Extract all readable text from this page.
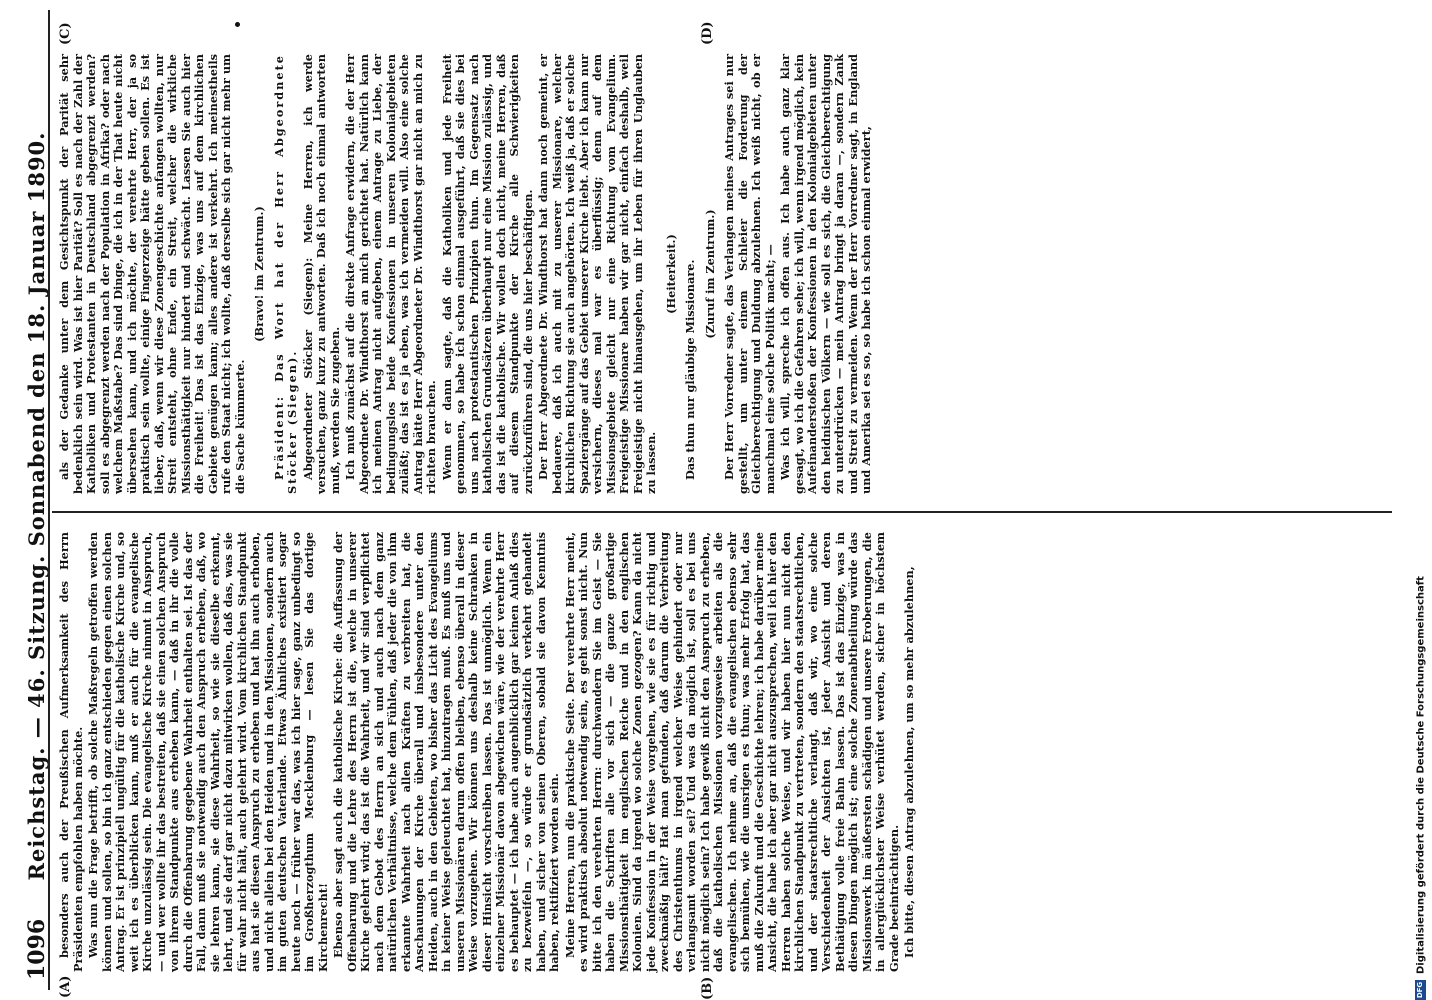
1096
Reichstag. — 46. Sitzung. Sonnabend den 18. Januar 1890.
(A)	(B)
(C)	(D)

besonders auch der Preußischen Aufmerksamkeit des Herrn Präsidenten empfohlen haben möchte. Was nun die Frage betrifft, ob solche Maßregeln getroffen werden können und sollen, so bin ich ganz entschieden gegen einen solchen Antrag. Er ist prinzipiell ungültig für die katholische Kirche und, so weit ich es überblicken kann, muß er auch für die evangelische Kirche unzulässig sein. Die evangelische Kirche nimmt in Anspruch, — und wer wollte ihr das bestreiten, daß sie einen solchen Anspruch von ihrem Standpunkte aus erheben kann, — daß in ihr die volle durch die Offenbarung gegebene Wahrheit enthalten sei. Ist das der Fall, dann muß sie notwendig auch den Anspruch erheben, daß, wo sie lehren kann, sie diese Wahrheit, so wie sie dieselbe erkennt, lehrt, und sie darf gar nicht dazu mitwirken wollen, daß das, was sie für wahr nicht hält, auch gelehrt wird. Vom kirchlichen Standpunkt aus hat sie diesen Anspruch zu erheben und hat ihn auch erhoben, und nicht allein bei den Heiden und in den Missionen, sondern auch im guten deutschen Vaterlande. Etwas Ähnliches existiert sogar heute noch — früher war das, was ich hier sage, ganz unbedingt so im Großherzogthum Mecklenburg — lesen Sie das dortige Kirchenrecht! Ebenso aber sagt auch die katholische Kirche: die Auffassung der Offenbarung und die Lehre des Herrn ist die, welche in unserer Kirche gelehrt wird; das ist die Wahrheit, und wir sind verpflichtet nach dem Gebot des Herrn an sich und auch nach dem ganz natürlichen Verhältnisse, welche dem Fühlen, daß jeder die von ihm erkannte Wahrheit nach allen Kräften zu verbreiten hat, die Anschauungen der Kirche überall und insbesondere unter den Heiden, auch in den Gebieten, wo bisher das Licht des Evangeliums in keiner Weise geleuchtet hat, hinzutragen muß. Es muß uns und unseren Missionären darum offen bleiben, ebenso überall in dieser Weise vorzugehen. Wir können uns deshalb keine Schranken in dieser Hinsicht vorschreiben lassen. Das ist unmöglich. Wenn ein einzelner Missionär davon abgewichen wäre, wie der verehrte Herr es behauptet — ich habe auch augenblicklich gar keinen Anlaß dies zu bezweifeln —, so würde er grundsätzlich verkehrt gehandelt haben, und sicher von seinen Oberen, sobald sie davon Kenntnis haben, rektifiziert worden sein. Meine Herren, nun die praktische Seite. Der verehrte Herr meint, es wird praktisch absolut notwendig sein, es geht sonst nicht. Nun bitte ich den verehrten Herrn: durchwandern Sie im Geist — Sie haben die Schriften alle vor sich — die ganze großartige Missionsthätigkeit im englischen Reiche und in den englischen Kolonien. Sind da irgend wo solche Zonen gezogen? Kann da nicht jede Konfession in der Weise vorgehen, wie sie es für richtig und zweckmäßig hält? Hat man gefunden, daß darum die Verbreitung des Christenthums in irgend welcher Weise gehindert oder nur verlangsamt worden sei? Und was da möglich ist, soll es bei uns nicht möglich sein? Ich habe gewiß nicht den Anspruch zu erheben, daß die katholischen Missionen vorzugsweise arbeiten als die evangelischen. Ich nehme an, daß die evangelischen ebenso sehr sich bemühen, wie die unsrigen es thun; was mehr Erfolg hat, das muß die Zukunft und die Geschichte lehren; ich habe darüber meine Ansicht, die habe ich aber gar nicht auszusprechen, weil ich hier den Herren haben solche Weise, und wir haben hier nun nicht den kirchlichen Standpunkt zu vertreten, sondern den staatsrechtlichen, und der staatsrechtliche verlangt, daß wir, wo eine solche Verschiedenheit der Ansichten ist, jeder Ansicht und deren Bethätigung volle freie Bahn lassen. Das ist das Einzige, was in diesen Dingen möglich ist; eine solche Zonenabtheilung würde das Missionswerk im äußersten schädigen und unsere Eroberungen, die in allerglücklichster Weise verhütet werden, sicher in höchstem Grade beeinträchtigen. Ich bitte, diesen Antrag abzulehnen, um so mehr abzulehnen,

als der Gedanke unter dem Gesichtspunkt der Parität sehr bedenklich sein wird. Was ist hier Parität? Soll es nach der Zahl der Katholiken und Protestanten in Deutschland abgegrenzt werden? soll es abgegrenzt werden nach der Population in Afrika? oder nach welchem Maßstabe? Das sind Dinge, die ich in der That heute nicht übersehen kann, und ich möchte, der verehrte Herr, der ja so praktisch sein wollte, einige Fingerzeige hätte geben sollen. Es ist lieber, daß, wenn wir diese Zonengeschichte anfangen wollten, nur Streit entsteht, ohne Ende, ein Streit, welcher die wirkliche Missionsthätigkeit nur hindert und schwächt. Lassen Sie auch hier die Freiheit! Das ist das Einzige, was uns auf dem kirchlichen Gebiete genügen kann; alles andere ist verkehrt. Ich meinestheils rufe den Staat nicht; ich wollte, daß derselbe sich gar nicht mehr um die Sache kümmerte.

(Bravo! im Zentrum.) Präsident: Das Wort hat der Herr Abgeordnete Stöcker (Siegen). Abgeordneter Stöcker (Siegen): Meine Herren, ich werde versuchen, ganz kurz zu antworten. Daß ich noch einmal antworten muß, werden Sie zugeben. Ich muß zunächst auf die direkte Anfrage erwidern, die der Herr Abgeordnete Dr. Windthorst an mich gerichtet hat. Natürlich kann ich meinen Antrag nicht aufgeben, einem Antrage zu Liebe, der bedingungslos beide Konfessionen in unseren Kolonialgebieten zuläßt; das ist es ja eben, was ich vermeiden will. Also eine solche Antrag hätte Herr Abgeordneter Dr. Windthorst gar nicht an mich zu richten brauchen. Wenn er dann sagte, daß die Katholiken und jede Freiheit genommen, so habe ich schon einmal ausgeführt, daß sie dies bei uns nach protestantischen Prinzipien thun. Im Gegensatz nach katholischen Grundsätzen überhaupt nur eine Mission zulässig, und das ist die katholische. Wir wollen doch nicht, meine Herren, daß auf diesem Standpunkte der Kirche alle Schwierigkeiten zurückzuführen sind, die uns hier beschäftigen. Der Herr Abgeordnete Dr. Windthorst hat dann noch gemeint, er bedauere, daß ich auch mit zu unserer Missionare, welcher kirchlichen Richtung sie auch angehörten. Ich weiß ja, daß er solche Spaziergänge auf das Gebiet unserer Kirche liebt. Aber ich kann nur versichern, dieses mal war es überflüssig; denn auf dem Missionsgebiete gleicht nur eine Richtung vom Evangelium. Freigeistige Missionare haben wir gar nicht, einfach deshalb, weil Freigeistige nicht hinausgehen, um ihr Leben für ihren Unglauben zu lassen.

(Heiterkeit.) Das thun nur gläubige Missionare. (Zuruf im Zentrum.) Der Herr Vorredner sagte, das Verlangen meines Antrages sei nur gestellt, um unter einem Schleier die Forderung der Gleichberechtigung und Duldung abzulehnen. Ich weiß nicht, ob er manchmal eine solche Politik macht; — Was ich will, spreche ich offen aus. Ich habe auch ganz klar gesagt, wo ich die Gefahren sehe; ich will, wenn irgend möglich, kein Aufeinanderstoßen der Konfessionen in den Kolonialgebieten unter den heidnischen Völkern — wie soll es sich, die Gleichberechtigung zu unterdrücken — mein Antrag bringt ja daran —, sondern Zank und Streit zu vermeiden. Wenn der Herr Vorredner sagt, in England und Amerika sei es so, so habe ich schon einmal erwidert,

DFGDigitalisierung gefördert durch die Deutsche Forschungsgemeinschaft
